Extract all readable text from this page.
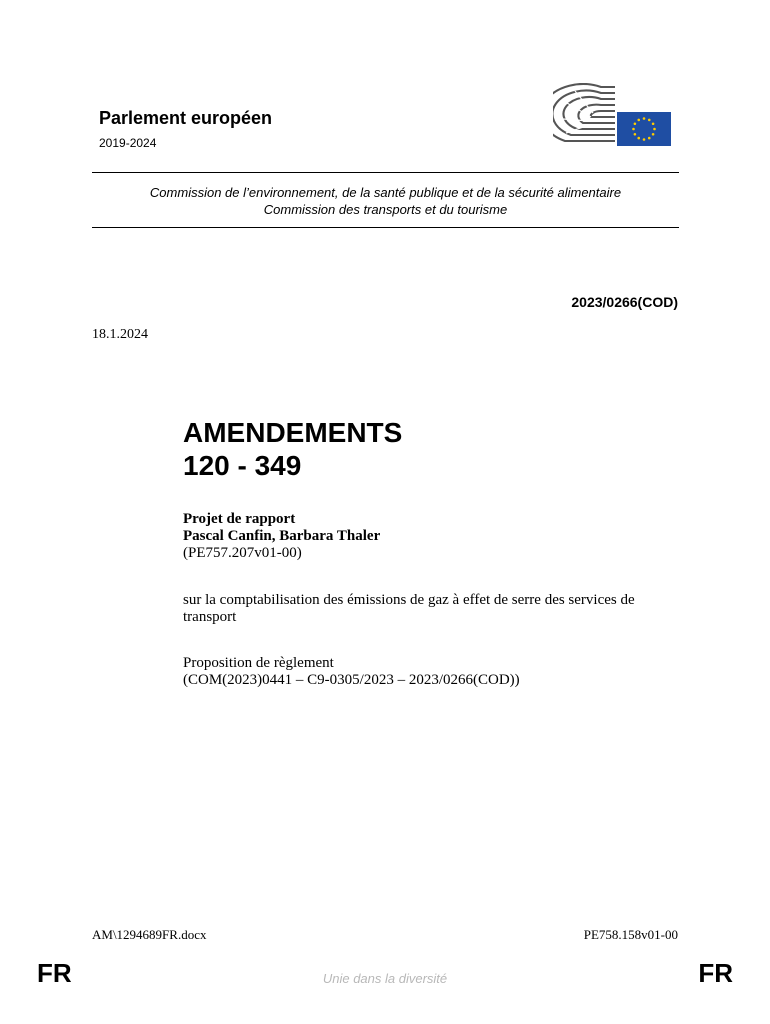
Parlement européen
2019-2024
Commission de l’environnement, de la santé publique et de la sécurité alimentaire
Commission des transports et du tourisme
2023/0266(COD)
18.1.2024
AMENDEMENTS
120 - 349
Projet de rapport
Pascal Canfin, Barbara Thaler
(PE757.207v01-00)
sur la comptabilisation des émissions de gaz à effet de serre des services de transport
Proposition de règlement
(COM(2023)0441 – C9-0305/2023 – 2023/0266(COD))
AM\1294689FR.docx	PE758.158v01-00
FR	Unie dans la diversité	FR
